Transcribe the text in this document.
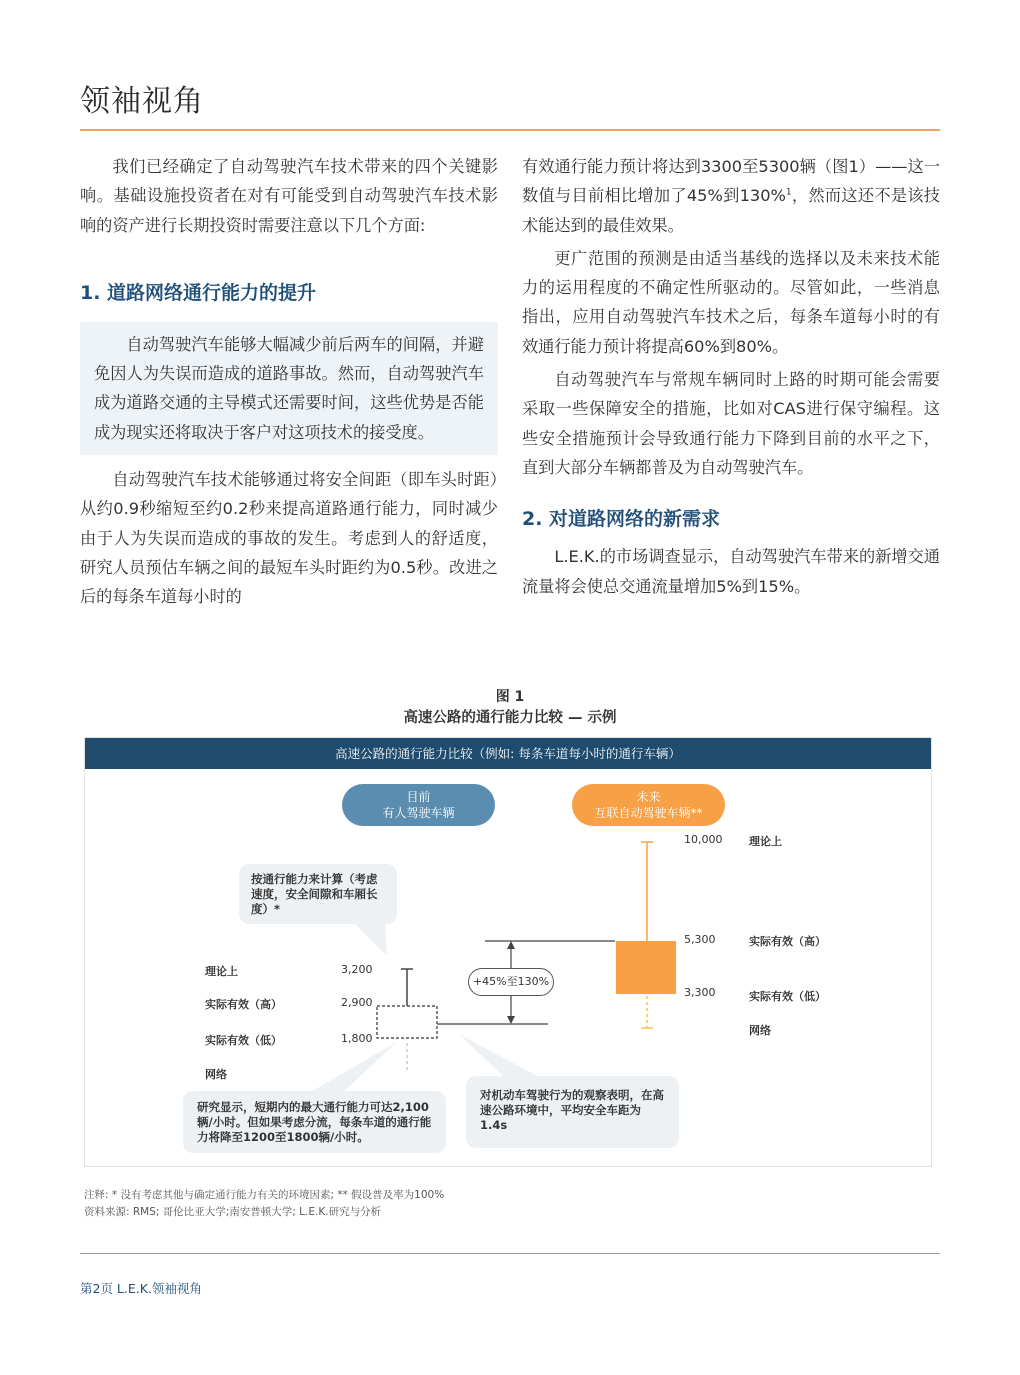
领袖视角

我们已经确定了自动驾驶汽车技术带来的四个关键影响。基础设施投资者在对有可能受到自动驾驶汽车技术影响的资产进行长期投资时需要注意以下几个方面:

1. 道路网络通行能力的提升

自动驾驶汽车能够大幅减少前后两车的间隔，并避免因人为失误而造成的道路事故。然而，自动驾驶汽车成为道路交通的主导模式还需要时间，这些优势是否能成为现实还将取决于客户对这项技术的接受度。

自动驾驶汽车技术能够通过将安全间距（即车头时距）从约0.9秒缩短至约0.2秒来提高道路通行能力，同时减少由于人为失误而造成的事故的发生。考虑到人的舒适度，研究人员预估车辆之间的最短车头时距约为0.5秒。改进之后的每条车道每小时的

有效通行能力预计将达到3300至5300辆（图1）——这一数值与目前相比增加了45%到130%$^1$，然而这还不是该技术能达到的最佳效果。

更广范围的预测是由适当基线的选择以及未来技术能力的运用程度的不确定性所驱动的。尽管如此，一些消息指出，应用自动驾驶汽车技术之后，每条车道每小时的有效通行能力预计将提高60%到80%。

自动驾驶汽车与常规车辆同时上路的时期可能会需要采取一些保障安全的措施，比如对CAS进行保守编程。这些安全措施预计会导致通行能力下降到目前的水平之下，直到大部分车辆都普及为自动驾驶汽车。

2. 对道路网络的新需求

L.E.K.的市场调查显示，自动驾驶汽车带来的新增交通流量将会使总交通流量增加5%到15%。

图 1
高速公路的通行能力比较 — 示例
高速公路的通行能力比较（例如: 每条车道每小时的通行车辆）
目前
有人驾驶车辆
未来
互联自动驾驶车辆**
按通行能力来计算（考虑速度，安全间隙和车厢长度）*
研究显示，短期内的最大通行能力可达2,100辆/小时。但如果考虑分流，每条车道的通行能力将降至1200至1800辆/小时。
对机动车驾驶行为的观察表明，在高速公路环境中，平均安全车距为1.4s
+45%至130%
理论上
实际有效（高）
实际有效（低）
网络
3,200
2,900
1,800
10,000
5,300
3,300
理论上
实际有效（高）
实际有效（低）
网络
注释: * 没有考虑其他与确定通行能力有关的环境因素; ** 假设普及率为100%
资料来源: RMS; 哥伦比亚大学;南安普顿大学; L.E.K.研究与分析
第2页 L.E.K.领袖视角
